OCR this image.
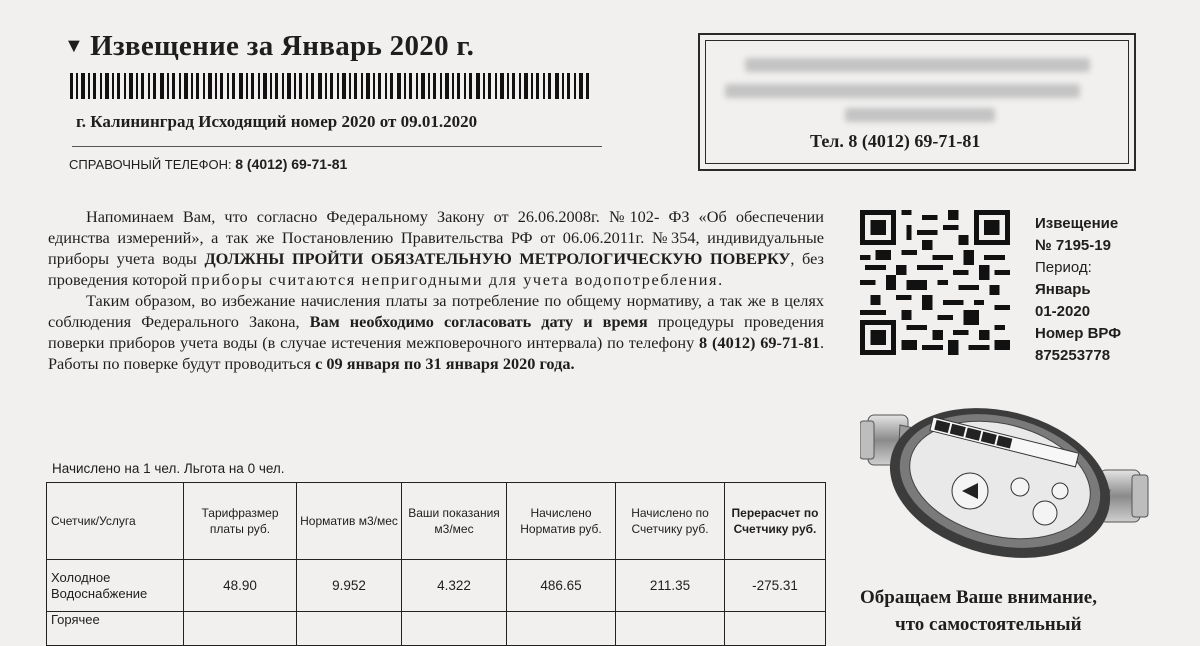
▼ Извещение за Январь 2020 г.
г. Калининград Исходящий номер 2020 от 09.01.2020
СПРАВОЧНЫЙ ТЕЛЕФОН: 8 (4012) 69-71-81
Тел. 8 (4012) 69-71-81

Напоминаем Вам, что согласно Федеральному Закону от 26.06.2008г. №102- ФЗ «Об обеспечении единства измерений», а так же Постановлению Правительства РФ от 06.06.2011г. №354, индивидуальные приборы учета воды ДОЛЖНЫ ПРОЙТИ ОБЯЗАТЕЛЬНУЮ МЕТРОЛОГИЧЕСКУЮ ПОВЕРКУ, без проведения которой приборы считаются непригодными для учета водопотребления.

Таким образом, во избежание начисления платы за потребление по общему нормативу, а так же в целях соблюдения Федерального Закона, Вам необходимо согласовать дату и время процедуры проведения поверки приборов учета воды (в случае истечения межповерочного интервала) по телефону 8 (4012) 69-71-81. Работы по поверке будут проводиться с 09 января по 31 января 2020 года.

Извещение
№ 7195-19
Период:
Январь
01-2020
Номер ВРФ
875253778
Обращаем Ваше внимание,
что самостоятельный
Начислено на 1 чел. Льгота на 0 чел.
Счетчик/Услуга	Тарифразмер платы руб.	Норматив м3/мес	Ваши показания м3/мес	Начислено Норматив руб.	Начислено по Счетчику руб.	Перерасчет по Счетчику руб.
Холодное Водоснабжение	48.90	9.952	4.322	486.65	211.35	-275.31
Горячее						
